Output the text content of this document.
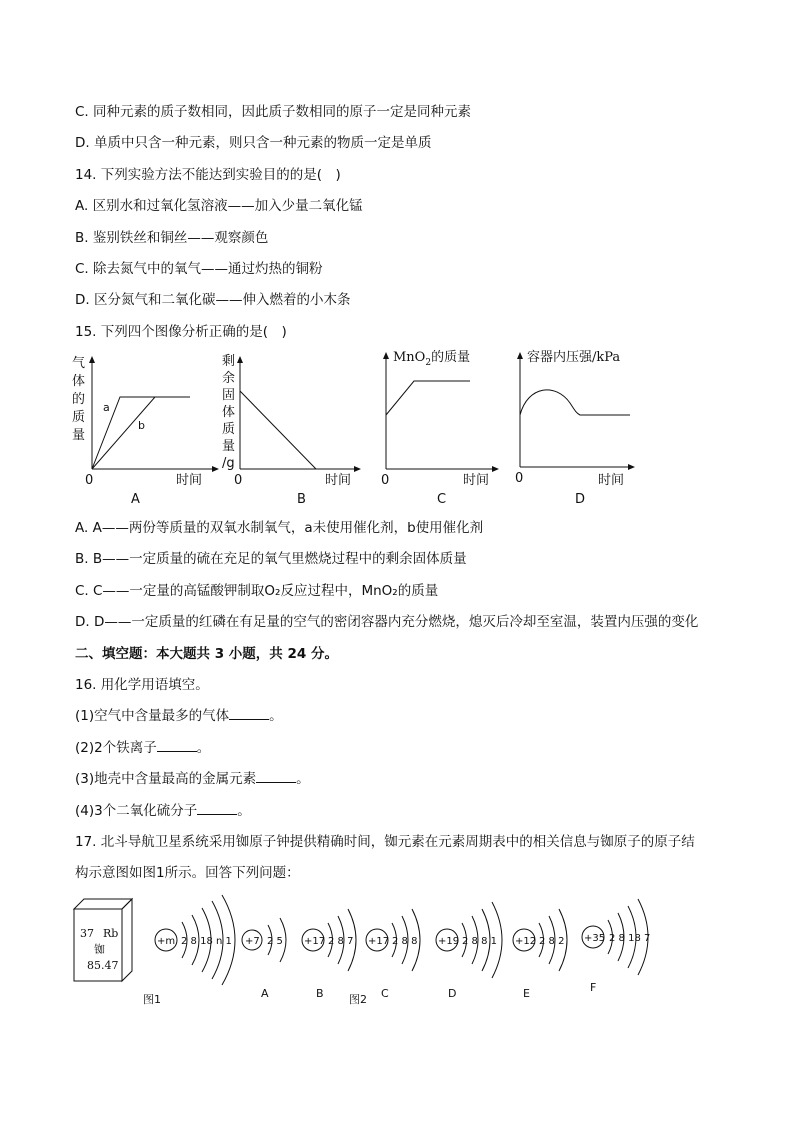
C. 同种元素的质子数相同，因此质子数相同的原子一定是同种元素
D. 单质中只含一种元素，则只含一种元素的物质一定是单质
14. 下列实验方法不能达到实验目的的是(　)
A. 区别水和过氧化氢溶液——加入少量二氧化锰
B. 鉴别铁丝和铜丝——观察颜色
C. 除去氮气中的氧气——通过灼热的铜粉
D. 区分氮气和二氧化碳——伸入燃着的小木条
15. 下列四个图像分析正确的是(　)
气
体
的
质
量
a
b
0	时间
A
剩
余
固
体
质
量
/g
0	时间
B
MnO$_2$的质量
0	时间
C
容器内压强/kPa
0	时间
D
A. A——两份等质量的双氧水制氧气，a未使用催化剂，b使用催化剂
B. B——一定质量的硫在充足的氧气里燃烧过程中的剩余固体质量
C. C——一定量的高锰酸钾制取O₂反应过程中，MnO₂的质量
D. D——一定质量的红磷在有足量的空气的密闭容器内充分燃烧，熄灭后冷却至室温，装置内压强的变化
二、填空题：本大题共 3 小题，共 24 分。
16. 用化学用语填空。
(1)空气中含量最多的气体	。
(2)2个铁离子	。
(3)地壳中含量最高的金属元素	。
(4)3个二氧化硫分子	。
17. 北斗导航卫星系统采用铷原子钟提供精确时间，铷元素在元素周期表中的相关信息与铷原子的原子结
构示意图如图1所示。回答下列问题：
37 Rb
铷
85.47
图1
+m 2 8 18 n 1 +7 2 5
A
+17 2 8 7
B
+17 2 8 8
C
图2
+19 2 8 8 1
D
+12 2 8 2
E
+35 2 8 18 7
F
